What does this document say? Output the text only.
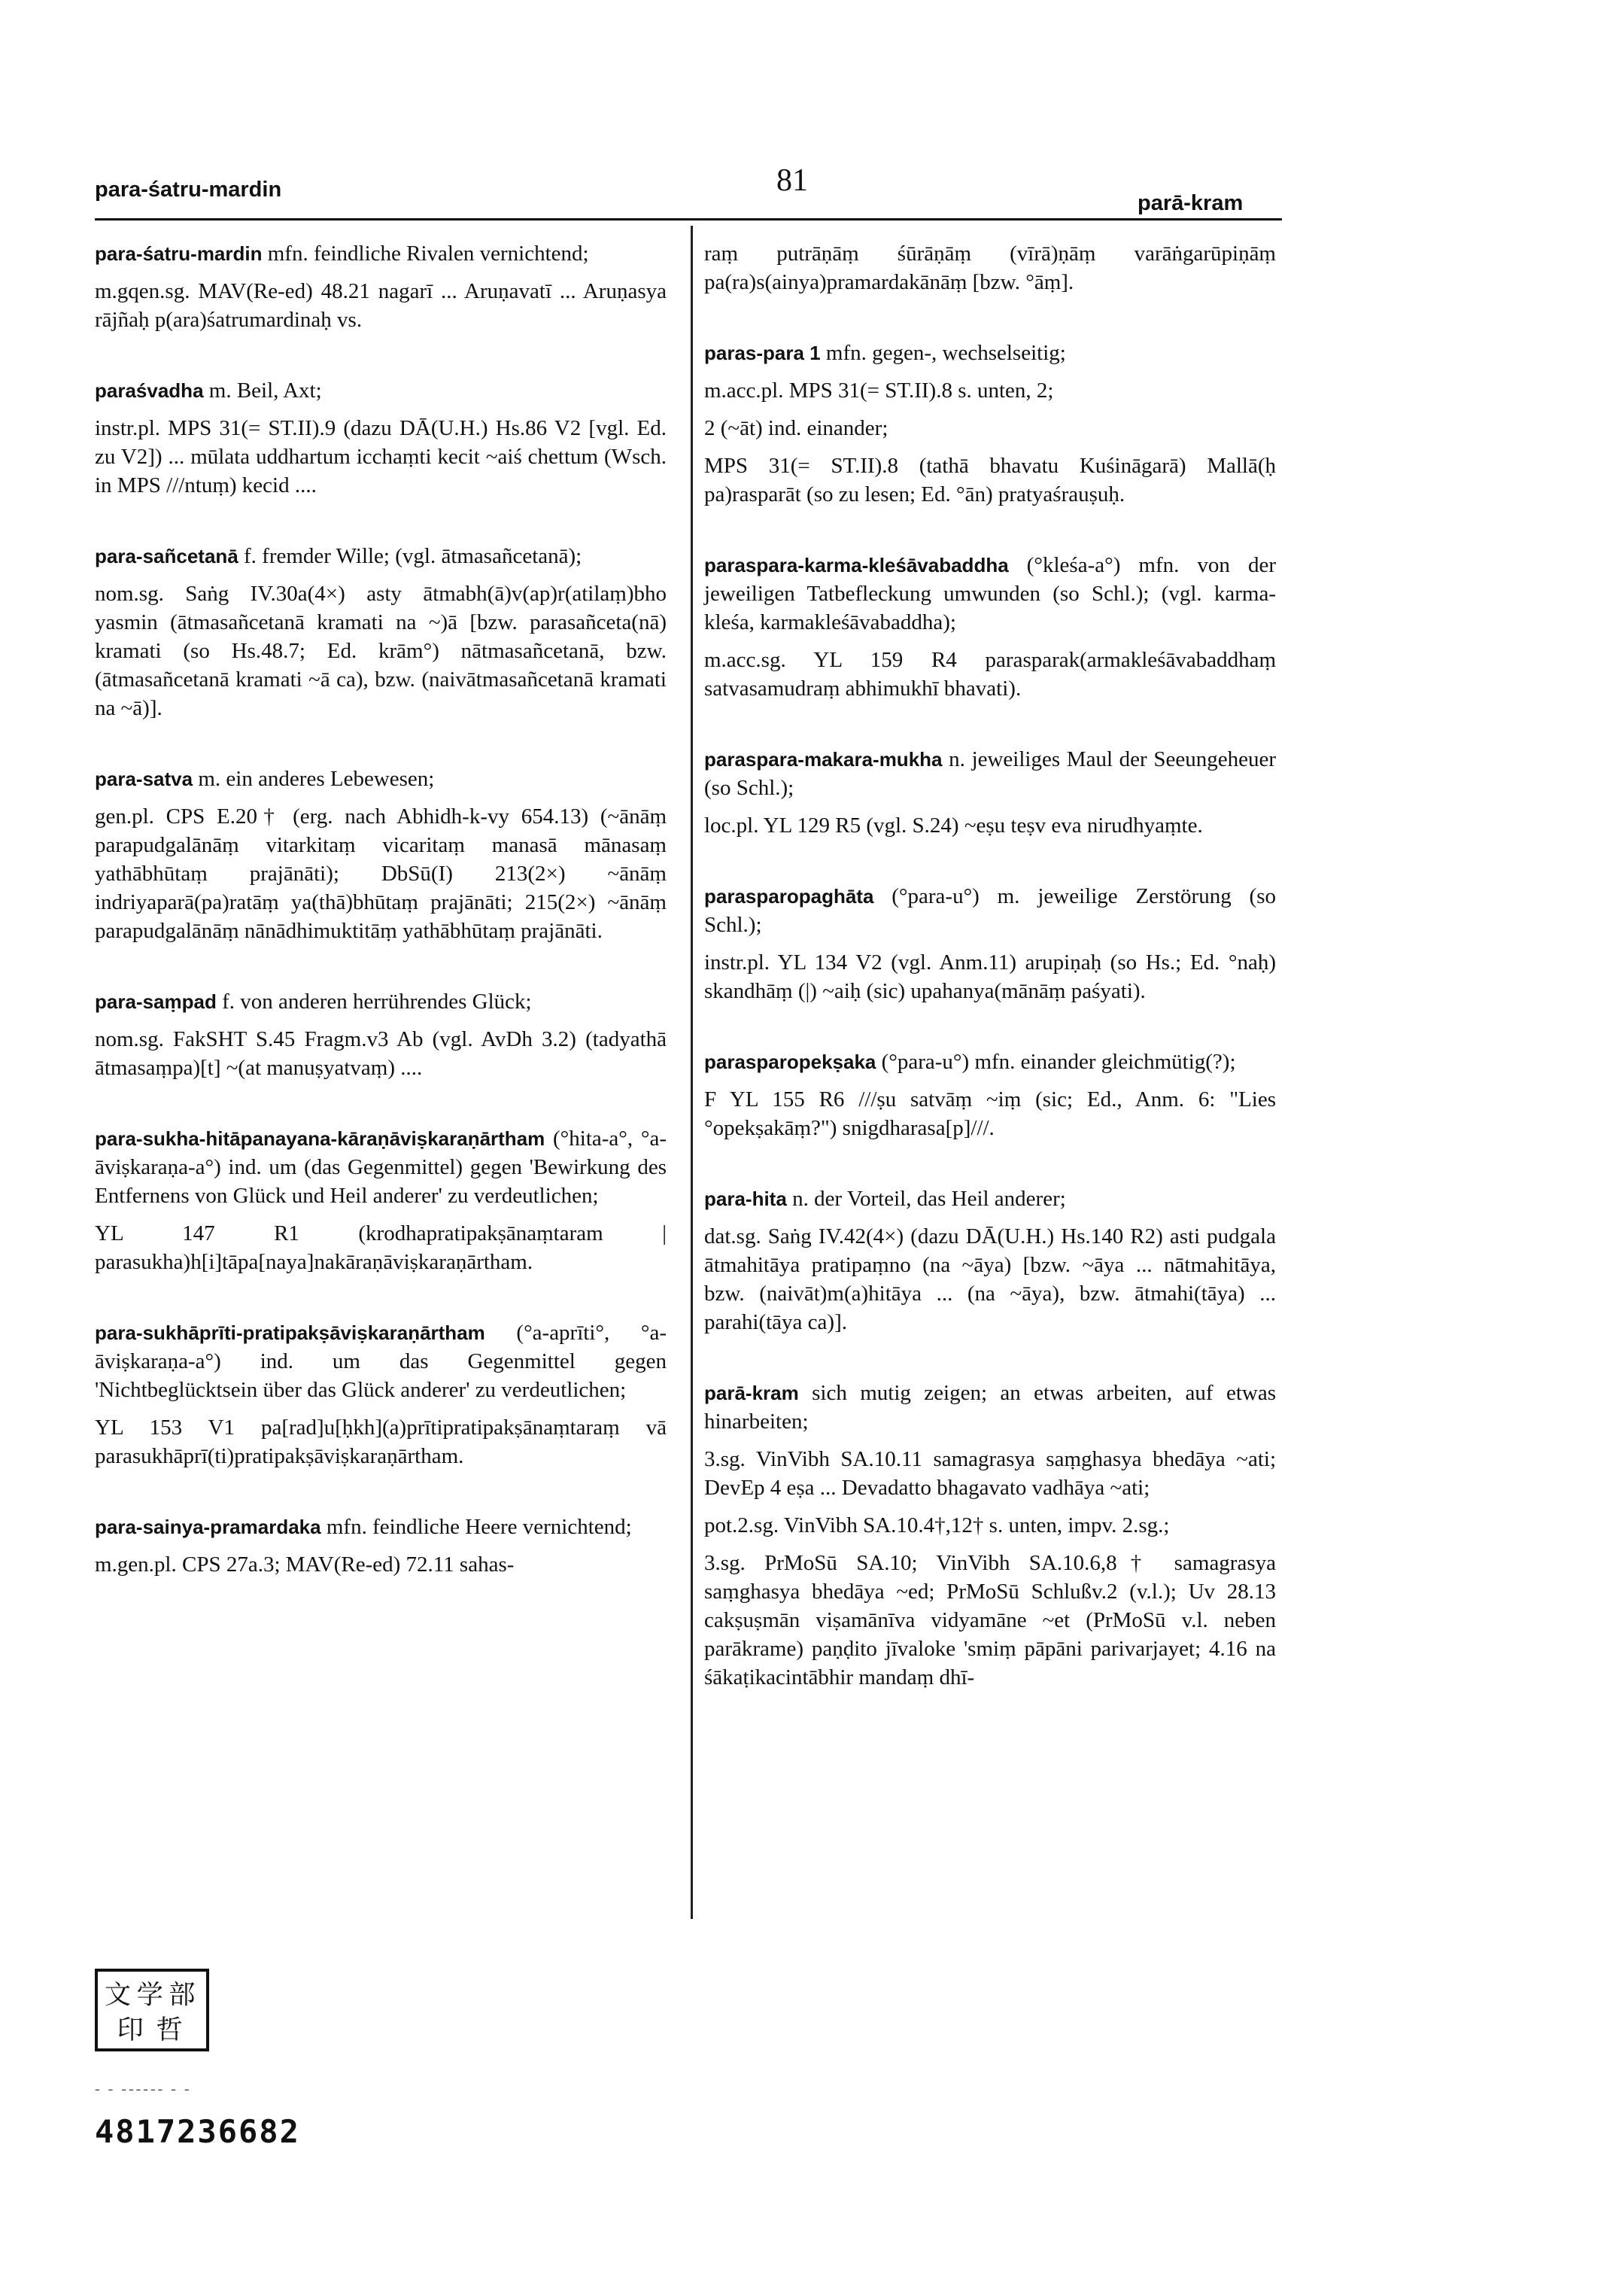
para-śatru-mardin	81
parā-kram
para-śatru-mardin mfn. feindliche Rivalen vernichtend;
m.gqen.sg. MAV(Re-ed) 48.21 nagarī ... Aruṇavatī ... Aruṇasya rājñaḥ p(ara)śatrumardinaḥ vs.
paraśvadha m. Beil, Axt;
instr.pl. MPS 31(= ST.II).9 (dazu DĀ(U.H.) Hs.86 V2 [vgl. Ed. zu V2]) ... mūlata uddhartum icchaṃti kecit ~aiś chettum (Wsch. in MPS ///ntuṃ) kecid ....
para-sañcetanā f. fremder Wille; (vgl. ātmasañcetanā);
nom.sg. Saṅg IV.30a(4×) asty ātmabh(ā)v(ap)r(atilaṃ)bho yasmin (ātmasañcetanā kramati na ~)ā [bzw. parasañceta(nā) kramati (so Hs.48.7; Ed. krām°) nātmasañcetanā, bzw. (ātmasañcetanā kramati ~ā ca), bzw. (naivātmasañcetanā kramati na ~ā)].
para-satva m. ein anderes Lebewesen;
gen.pl. CPS E.20† (erg. nach Abhidh-k-vy 654.13) (~ānāṃ parapudgalānāṃ vitarkitaṃ vicaritaṃ manasā mānasaṃ yathābhūtaṃ prajānāti); DbSū(I) 213(2×) ~ānāṃ indriyaparā(pa)ratāṃ ya(thā)bhūtaṃ prajānāti; 215(2×) ~ānāṃ parapudgalānāṃ nānādhimuktitāṃ yathābhūtaṃ prajānāti.
para-saṃpad f. von anderen herrührendes Glück;
nom.sg. FakSHT S.45 Fragm.v3 Ab (vgl. AvDh 3.2) (tadyathā ātmasaṃpa)[t] ~(at manuṣyatvaṃ) ....
para-sukha-hitāpanayana-kāraṇāviṣkaraṇārtham (°hita-a°, °a-āviṣkaraṇa-a°) ind. um (das Gegenmittel) gegen 'Bewirkung des Entfernens von Glück und Heil anderer' zu verdeutlichen;
YL 147 R1 (krodhapratipakṣānaṃtaram | parasukha)h[i]tāpa[naya]nakāraṇāviṣkaraṇārtham.
para-sukhāprīti-pratipakṣāviṣkaraṇārtham (°a-aprīti°, °a-āviṣkaraṇa-a°) ind. um das Gegenmittel gegen 'Nichtbeglücktsein über das Glück anderer' zu verdeutlichen;
YL 153 V1 pa[rad]u[ḥkh](a)prītipratipakṣānaṃtaraṃ vā parasukhāprī(ti)pratipakṣāviṣkaraṇārtham.
para-sainya-pramardaka mfn. feindliche Heere vernichtend;
m.gen.pl. CPS 27a.3; MAV(Re-ed) 72.11 sahas-
raṃ putrāṇāṃ śūrāṇāṃ (vīrā)ṇāṃ varāṅgarūpiṇāṃ pa(ra)s(ainya)pramardakānāṃ [bzw. °āṃ].
paras-para 1 mfn. gegen-, wechselseitig;
m.acc.pl. MPS 31(= ST.II).8 s. unten, 2;
2 (~āt) ind. einander;
MPS 31(= ST.II).8 (tathā bhavatu Kuśināgarā) Mallā(ḥ pa)rasparāt (so zu lesen; Ed. °ān) pratyaśrauṣuḥ.
paraspara-karma-kleśāvabaddha (°kleśa-a°) mfn. von der jeweiligen Tatbefleckung umwunden (so Schl.); (vgl. karma-kleśa, karmakleśāvabaddha);
m.acc.sg. YL 159 R4 parasparak(armakleśāvabaddhaṃ satvasamudraṃ abhimukhī bhavati).
paraspara-makara-mukha n. jeweiliges Maul der Seeungeheuer (so Schl.);
loc.pl. YL 129 R5 (vgl. S.24) ~eṣu teṣv eva nirudhyaṃte.
parasparopaghāta (°para-u°) m. jeweilige Zerstörung (so Schl.);
instr.pl. YL 134 V2 (vgl. Anm.11) arupiṇaḥ (so Hs.; Ed. °naḥ) skandhāṃ (|) ~aiḥ (sic) upahanya(mānāṃ paśyati).
parasparopekṣaka (°para-u°) mfn. einander gleichmütig(?);
F YL 155 R6 ///ṣu satvāṃ ~iṃ (sic; Ed., Anm. 6: "Lies °opekṣakāṃ?") snigdharasa[p]///.
para-hita n. der Vorteil, das Heil anderer;
dat.sg. Saṅg IV.42(4×) (dazu DĀ(U.H.) Hs.140 R2) asti pudgala ātmahitāya pratipaṃno (na ~āya) [bzw. ~āya ... nātmahitāya, bzw. (naivāt)m(a)hitāya ... (na ~āya), bzw. ātmahi(tāya) ... parahi(tāya ca)].
parā-kram sich mutig zeigen; an etwas arbeiten, auf etwas hinarbeiten;
3.sg. VinVibh SA.10.11 samagrasya saṃghasya bhedāya ~ati; DevEp 4 eṣa ... Devadatto bhagavato vadhāya ~ati;
pot.2.sg. VinVibh SA.10.4†,12† s. unten, impv. 2.sg.;
3.sg. PrMoSū SA.10; VinVibh SA.10.6,8† samagrasya saṃghasya bhedāya ~ed; PrMoSū Schlußv.2 (v.l.); Uv 28.13 cakṣuṣmān viṣamānīva vidyamāne ~et (PrMoSū v.l. neben parākrame) paṇḍito jīvaloke 'smiṃ pāpāni parivarjayet; 4.16 na śākaṭikacintābhir mandaṃ dhī-
文 学 部
印 哲
- - ------ - -
4817236682
